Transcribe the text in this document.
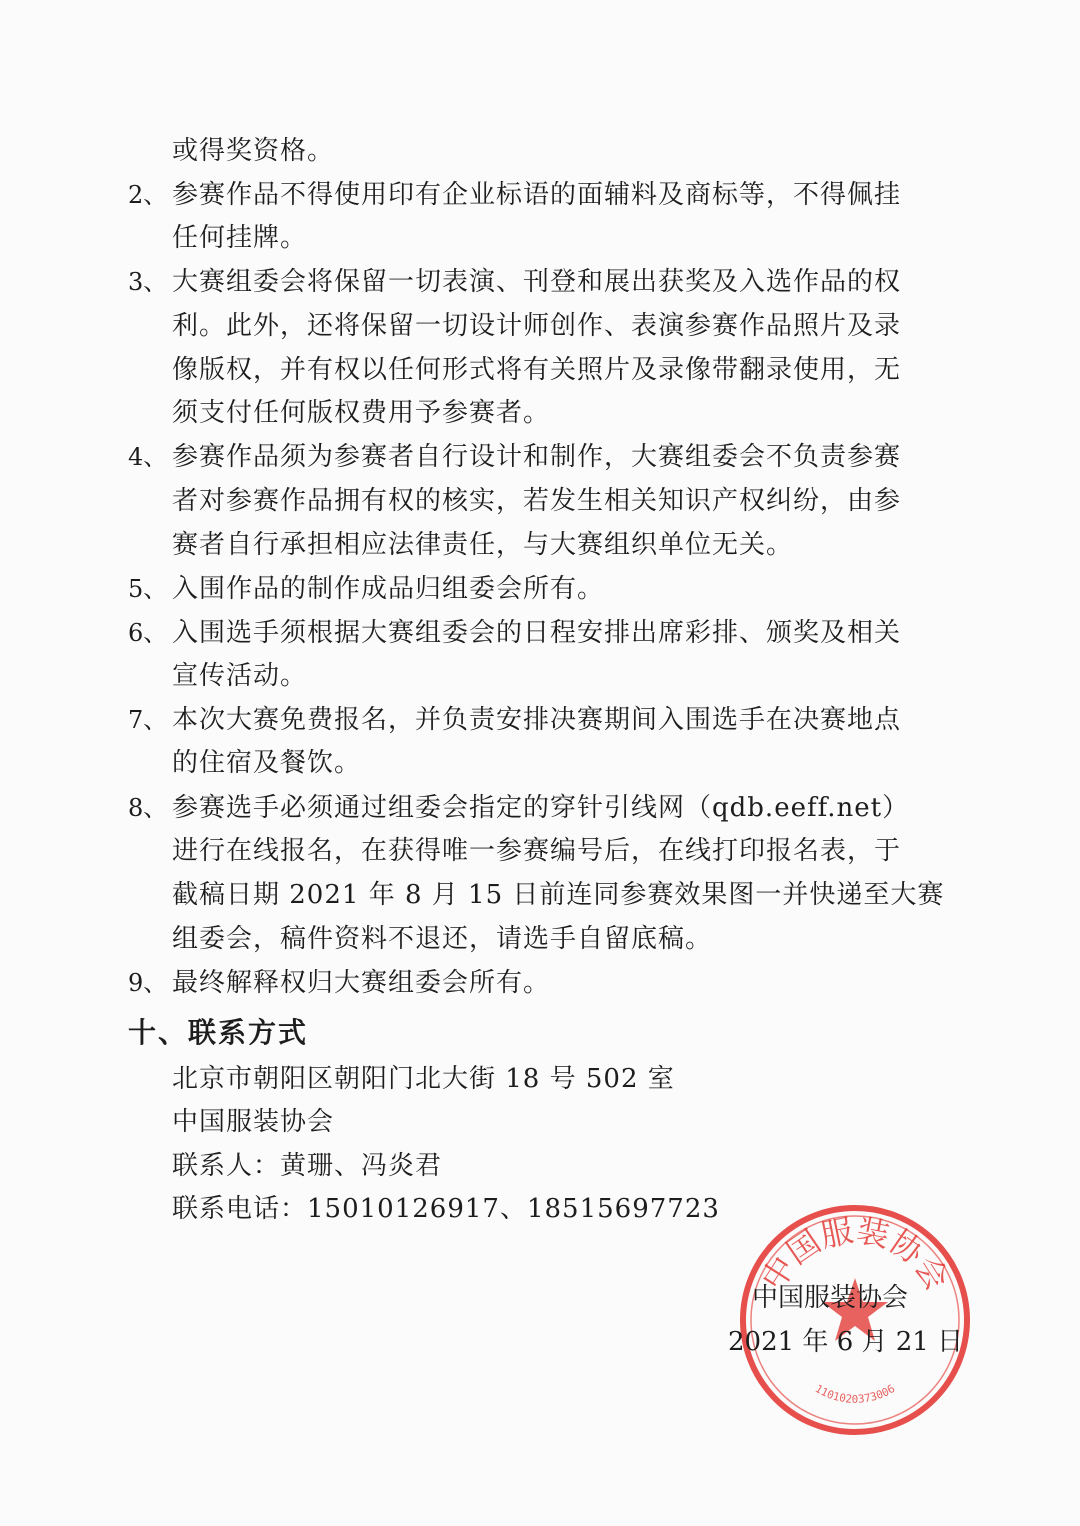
或得奖资格。
2、 参赛作品不得使用印有企业标语的面辅料及商标等，不得佩挂
任何挂牌。
3、 大赛组委会将保留一切表演、刊登和展出获奖及入选作品的权
利。此外，还将保留一切设计师创作、表演参赛作品照片及录
像版权，并有权以任何形式将有关照片及录像带翻录使用，无
须支付任何版权费用予参赛者。
4、 参赛作品须为参赛者自行设计和制作，大赛组委会不负责参赛
者对参赛作品拥有权的核实，若发生相关知识产权纠纷，由参
赛者自行承担相应法律责任，与大赛组织单位无关。
5、 入围作品的制作成品归组委会所有。
6、 入围选手须根据大赛组委会的日程安排出席彩排、颁奖及相关
宣传活动。
7、 本次大赛免费报名，并负责安排决赛期间入围选手在决赛地点
的住宿及餐饮。
8、 参赛选手必须通过组委会指定的穿针引线网（qdb.eeff.net）
进行在线报名，在获得唯一参赛编号后，在线打印报名表，于
截稿日期 2021 年 8 月 15 日前连同参赛效果图一并快递至大赛
组委会，稿件资料不退还，请选手自留底稿。
9、 最终解释权归大赛组委会所有。
十、联系方式
北京市朝阳区朝阳门北大街 18 号 502 室
中国服装协会
联系人：黄珊、冯炎君
联系电话：15010126917、18515697723
中国服装协会
1101020373006
中国服装协会
2021 年 6 月 21 日
